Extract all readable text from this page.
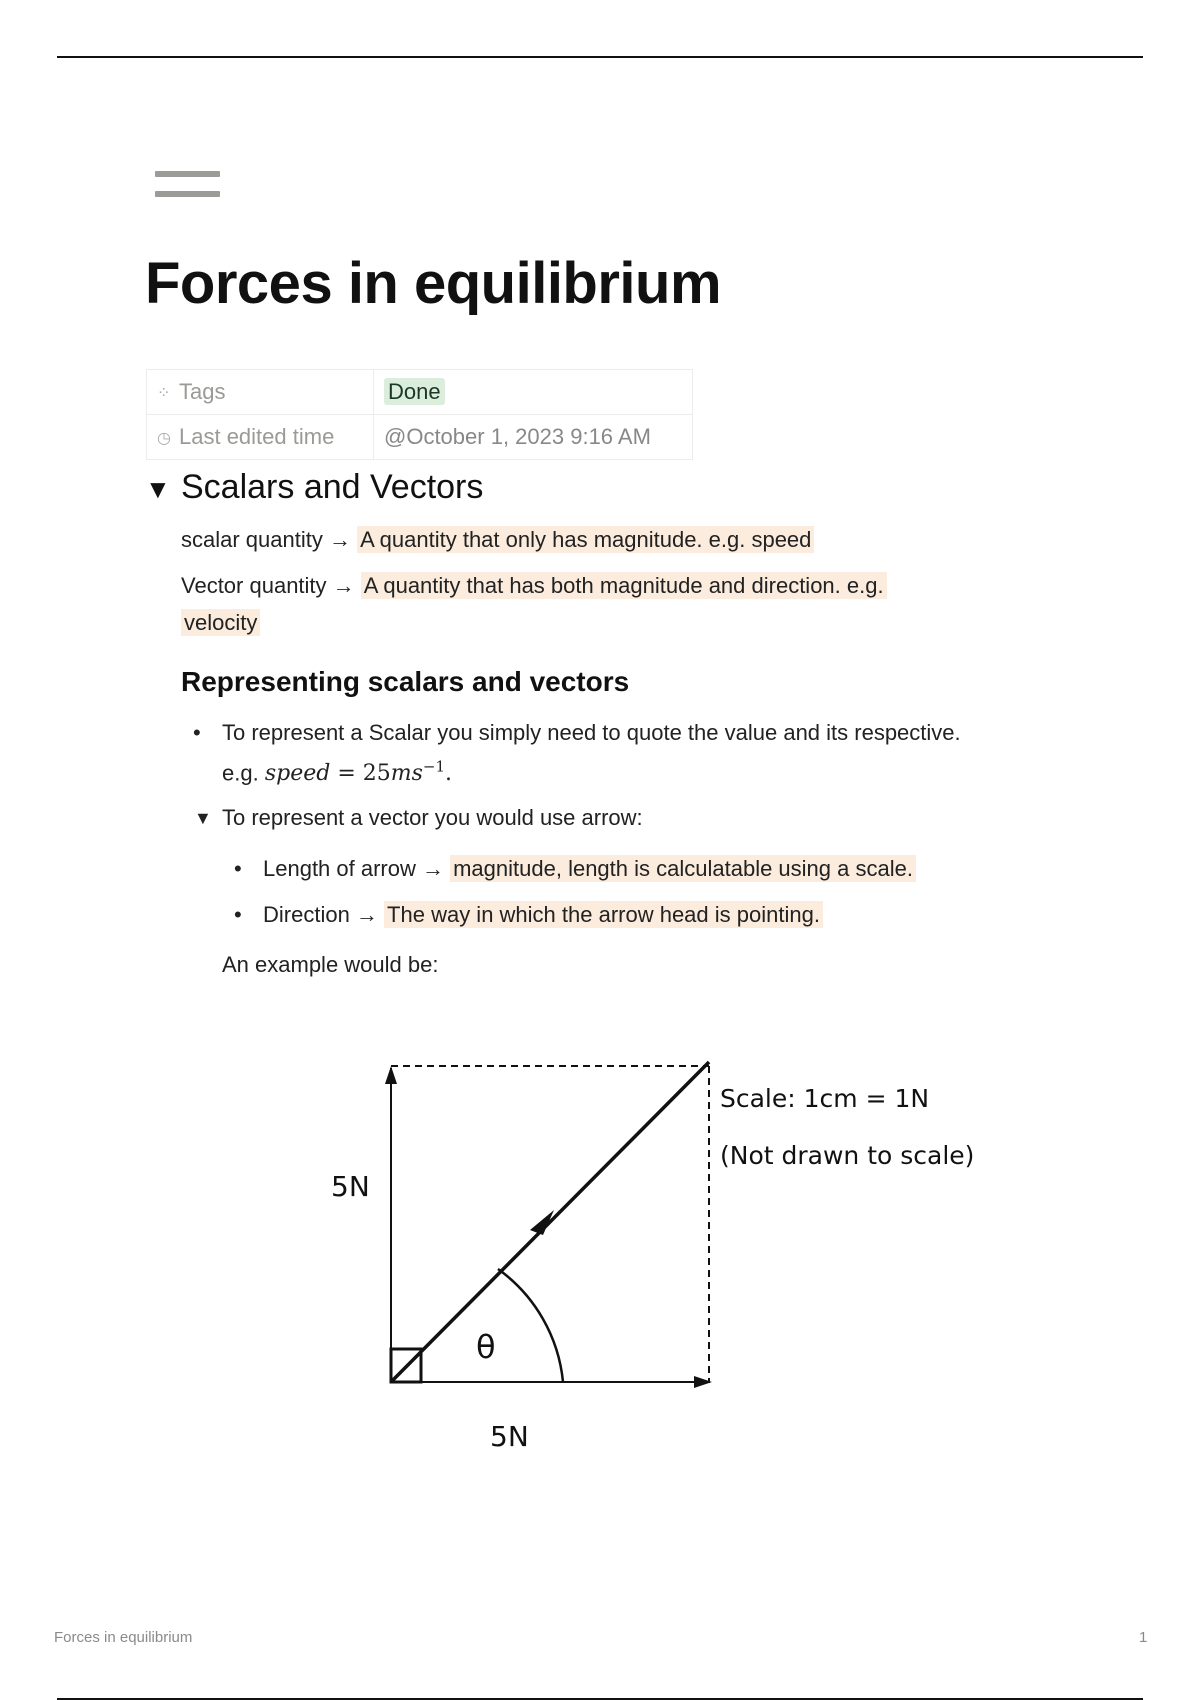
Forces in equilibrium
⁘ Tags	Done
◷ Last edited time	@October 1, 2023 9:16 AM
▼ Scalars and Vectors

scalar quantity → A quantity that only has magnitude. e.g. speed

Vector quantity → A quantity that has both magnitude and direction. e.g.
velocity

Representing scalars and vectors
• To represent a Scalar you simply need to quote the value and its respective.
e.g. speed = $25ms^{-1}$.
▼ To represent a vector you would use arrow:
• Length of arrow → magnitude, length is calculatable using a scale.
• Direction → The way in which the arrow head is pointing.
An example would be:
θ
5N
5N
Scale: 1cm = 1N
(Not drawn to scale)
Forces in equilibrium	1
